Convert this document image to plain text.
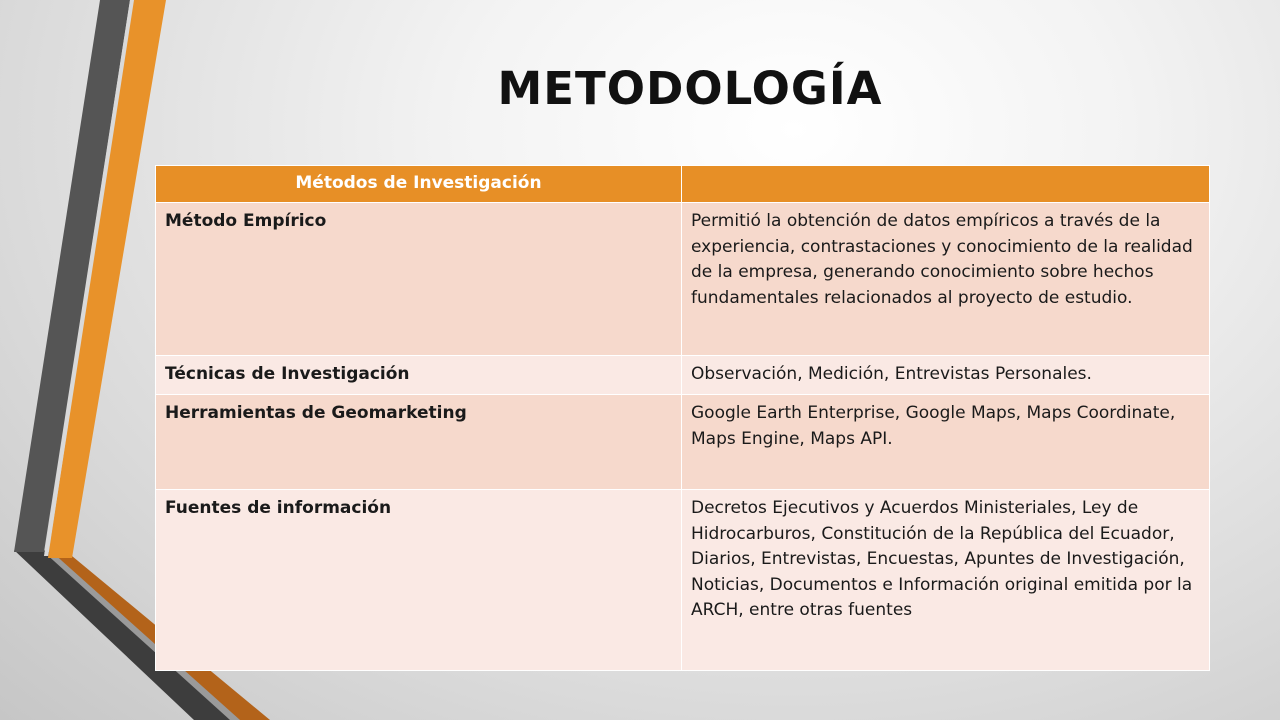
METODOLOGÍA
Métodos de Investigación	
Método Empírico	Permitió la obtención de datos empíricos a través de la experiencia, contrastaciones y conocimiento de la realidad de la empresa, generando conocimiento sobre hechos fundamentales relacionados al proyecto de estudio.
Técnicas de Investigación	Observación, Medición, Entrevistas Personales.
Herramientas de Geomarketing	Google Earth Enterprise, Google Maps, Maps Coordinate, Maps Engine, Maps API.
Fuentes de información	Decretos Ejecutivos y Acuerdos Ministeriales, Ley de Hidrocarburos, Constitución de la República del Ecuador, Diarios, Entrevistas, Encuestas, Apuntes de Investigación, Noticias, Documentos e Información original emitida por la ARCH, entre otras fuentes
